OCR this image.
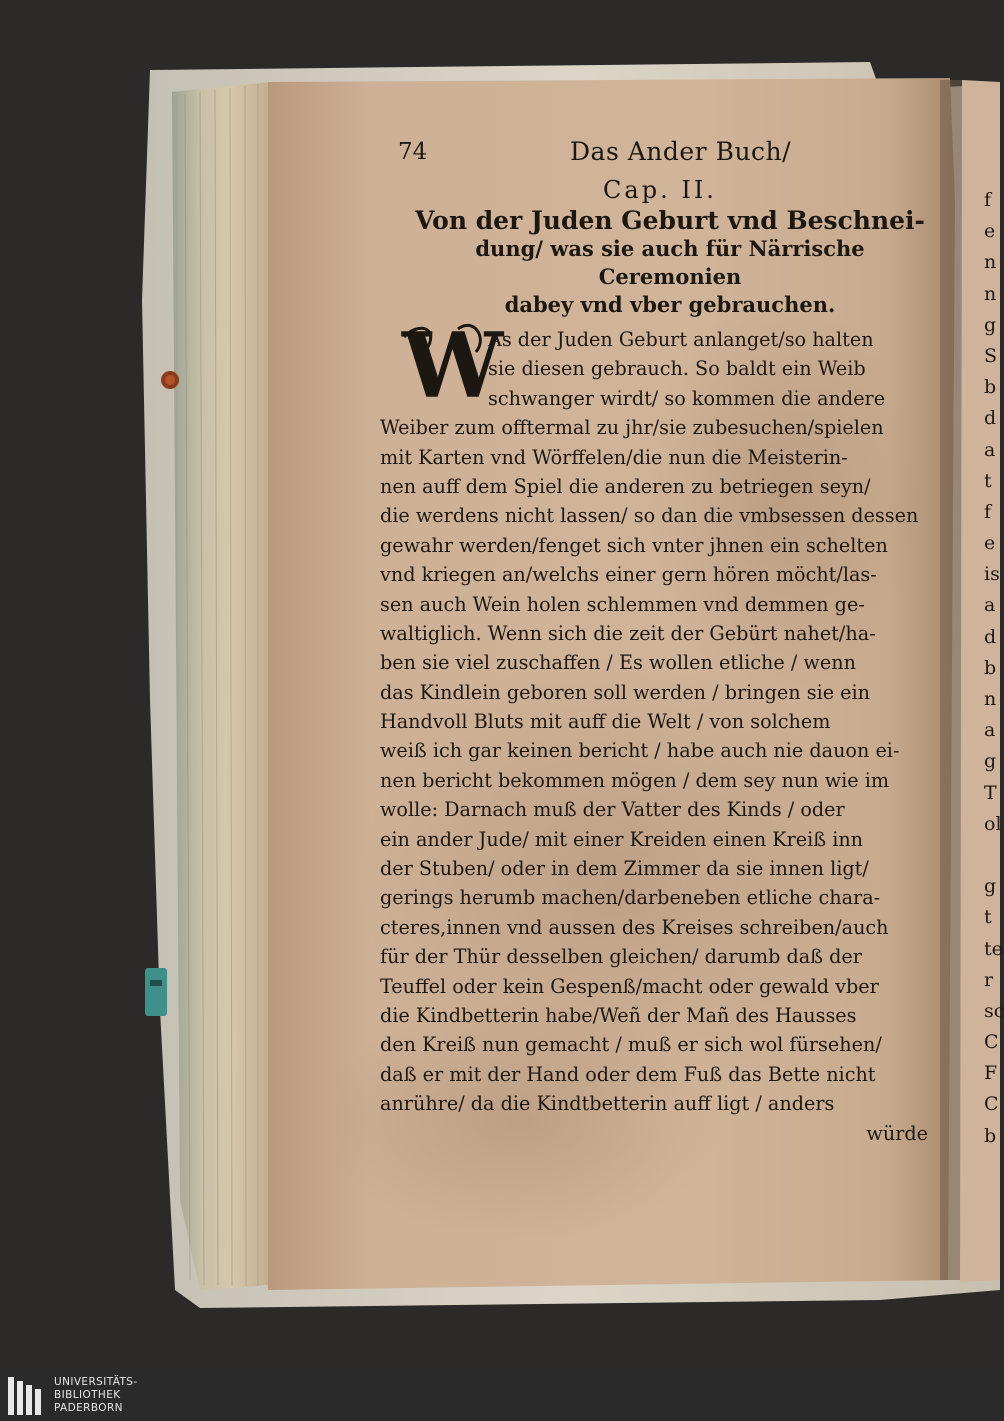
74	Das Ander Buch/
Cap. II.
Von der Juden Geburt vnd Beschnei-
dung/ was sie auch für Närrische Ceremonien
dabey vnd vber gebrauchen.
W
As der Juden Geburt anlanget/so halten
sie diesen gebrauch. So baldt ein Weib
schwanger wirdt/ so kommen die andere
Weiber zum offtermal zu jhr/sie zubesuchen/spielen
mit Karten vnd Wörffelen/die nun die Meisterin-
nen auff dem Spiel die anderen zu betriegen seyn/
die werdens nicht lassen/ so dan die vmbsessen dessen
gewahr werden/fenget sich vnter jhnen ein schelten
vnd kriegen an/welchs einer gern hören möcht/las-
sen auch Wein holen schlemmen vnd demmen ge-
waltiglich. Wenn sich die zeit der Gebürt nahet/ha-
ben sie viel zuschaffen / Es wollen etliche / wenn
das Kindlein geboren soll werden / bringen sie ein
Handvoll Bluts mit auff die Welt / von solchem
weiß ich gar keinen bericht / habe auch nie dauon ei-
nen bericht bekommen mögen / dem sey nun wie im
wolle: Darnach muß der Vatter des Kinds / oder
ein ander Jude/ mit einer Kreiden einen Kreiß inn
der Stuben/ oder in dem Zimmer da sie innen ligt/
gerings herumb machen/darbeneben etliche chara-
cteres,innen vnd aussen des Kreises schreiben/auch
für der Thür desselben gleichen/ darumb daß der
Teuffel oder kein Gespenß/macht oder gewald vber
die Kindbetterin habe/Weñ der Mañ des Hausses
den Kreiß nun gemacht / muß er sich wol fürsehen/
daß er mit der Hand oder dem Fuß das Bette nicht
anrühre/ da die Kindtbetterin auff ligt / anders
würde
f
e
n
n
g
S
b
d
a
t
f
e
is
a
d
b
n
a
g
T
ol
g
t
te
r
sc
C
F
C
b
UNIVERSITÄTS-
BIBLIOTHEK
PADERBORN
